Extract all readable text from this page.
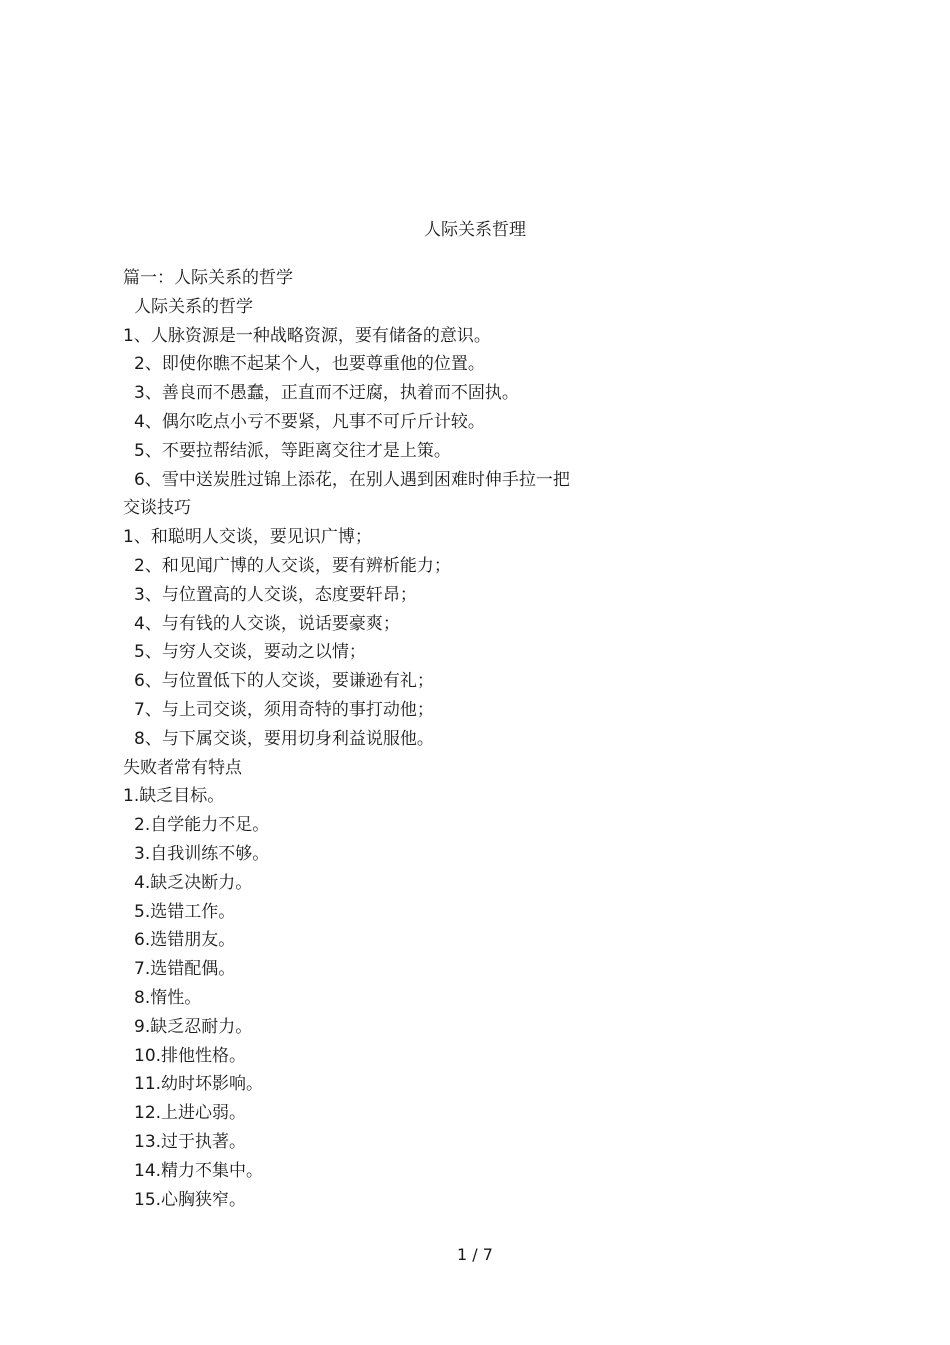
人际关系哲理

篇一：人际关系的哲学

人际关系的哲学

1、人脉资源是一种战略资源，要有储备的意识。

2、即使你瞧不起某个人，也要尊重他的位置。

3、善良而不愚蠢，正直而不迂腐，执着而不固执。

4、偶尔吃点小亏不要紧，凡事不可斤斤计较。

5、不要拉帮结派，等距离交往才是上策。

6、雪中送炭胜过锦上添花，在别人遇到困难时伸手拉一把

交谈技巧

1、和聪明人交谈，要见识广博；

2、和见闻广博的人交谈，要有辨析能力；

3、与位置高的人交谈，态度要轩昂；

4、与有钱的人交谈，说话要豪爽；

5、与穷人交谈，要动之以情；

6、与位置低下的人交谈，要谦逊有礼；

7、与上司交谈，须用奇特的事打动他；

8、与下属交谈，要用切身利益说服他。

失败者常有特点

1.缺乏目标。

2.自学能力不足。

3.自我训练不够。

4.缺乏决断力。

5.选错工作。

6.选错朋友。

7.选错配偶。

8.惰性。

9.缺乏忍耐力。

10.排他性格。

11.幼时坏影响。

12.上进心弱。

13.过于执著。

14.精力不集中。

15.心胸狭窄。

1 / 7
